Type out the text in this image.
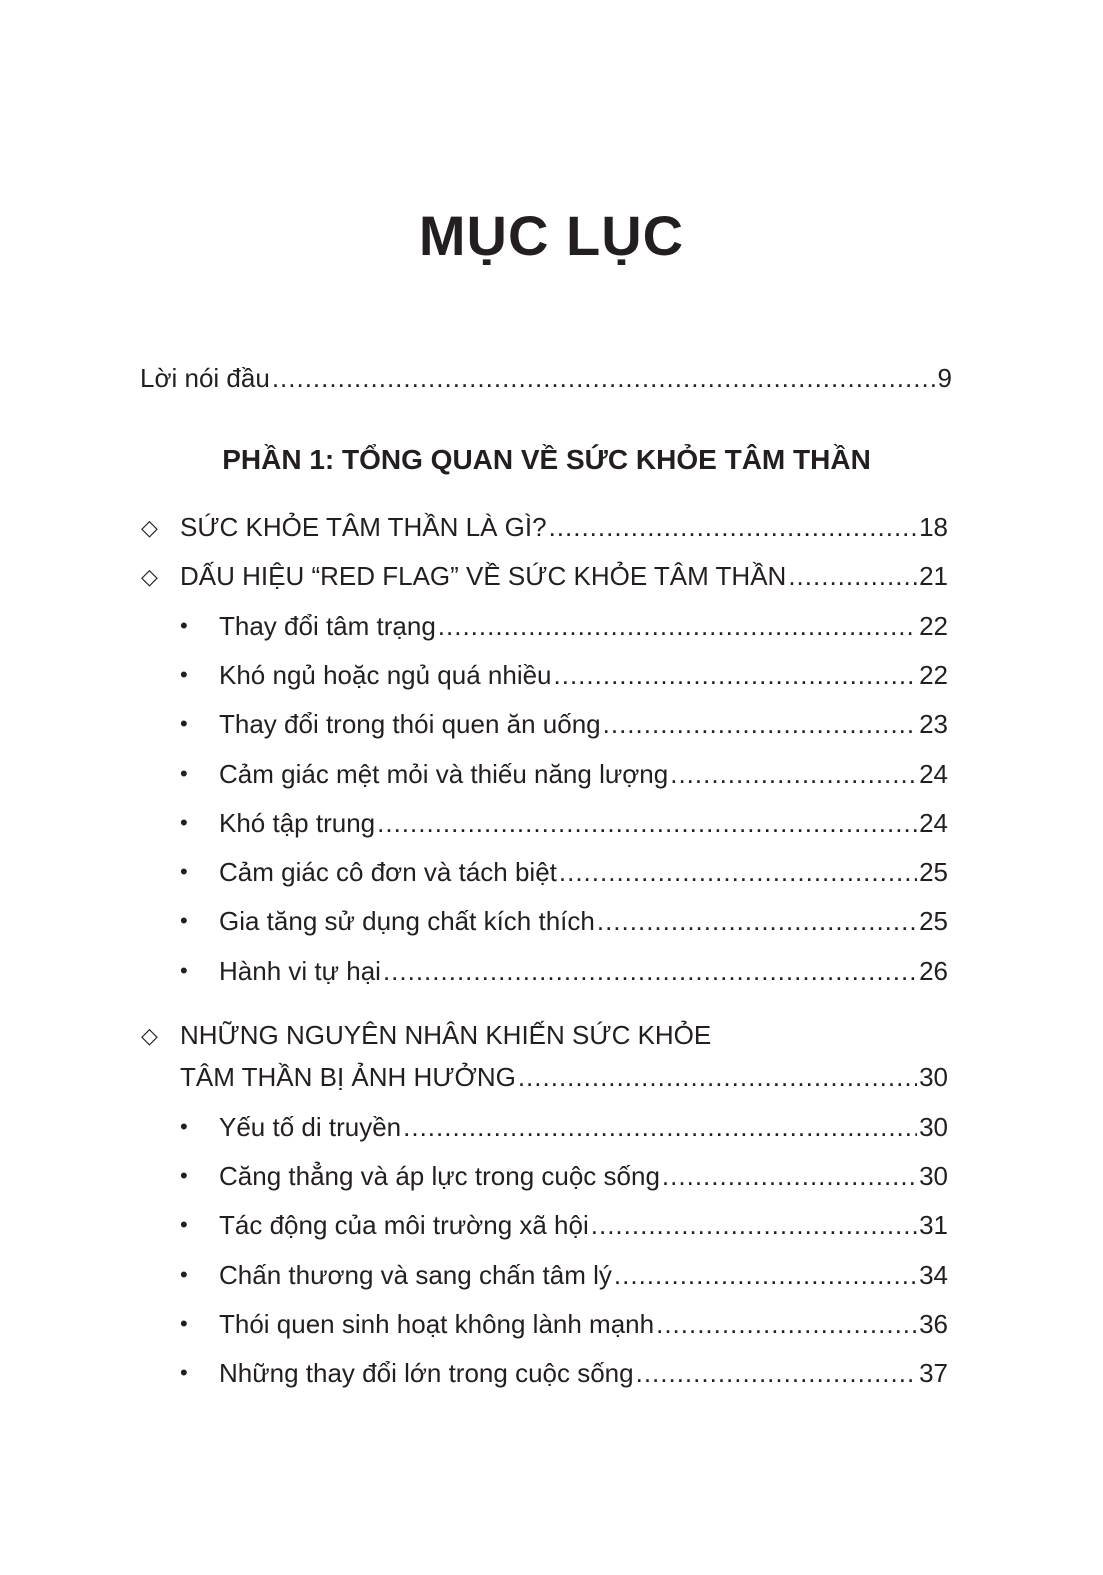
MỤC LỤC
Lời nói đầu .....	9
PHẦN 1: TỔNG QUAN VỀ SỨC KHỎE TÂM THẦN
◇ SỨC KHỎE TÂM THẦN LÀ GÌ? .....	18
◇ DẤU HIỆU “RED FLAG” VỀ SỨC KHỎE TÂM THẦN .....	21
• Thay đổi tâm trạng .....	22
• Khó ngủ hoặc ngủ quá nhiều .....	22
• Thay đổi trong thói quen ăn uống .....	23
• Cảm giác mệt mỏi và thiếu năng lượng .....	24
• Khó tập trung .....	24
• Cảm giác cô đơn và tách biệt .....	25
• Gia tăng sử dụng chất kích thích .....	25
• Hành vi tự hại .....	26
◇ NHỮNG NGUYÊN NHÂN KHIẾN SỨC KHỎE
TÂM THẦN BỊ ẢNH HƯỞNG .....	30
• Yếu tố di truyền .....	30
• Căng thẳng và áp lực trong cuộc sống .....	30
• Tác động của môi trường xã hội .....	31
• Chấn thương và sang chấn tâm lý .....	34
• Thói quen sinh hoạt không lành mạnh .....	36
• Những thay đổi lớn trong cuộc sống .....	37
